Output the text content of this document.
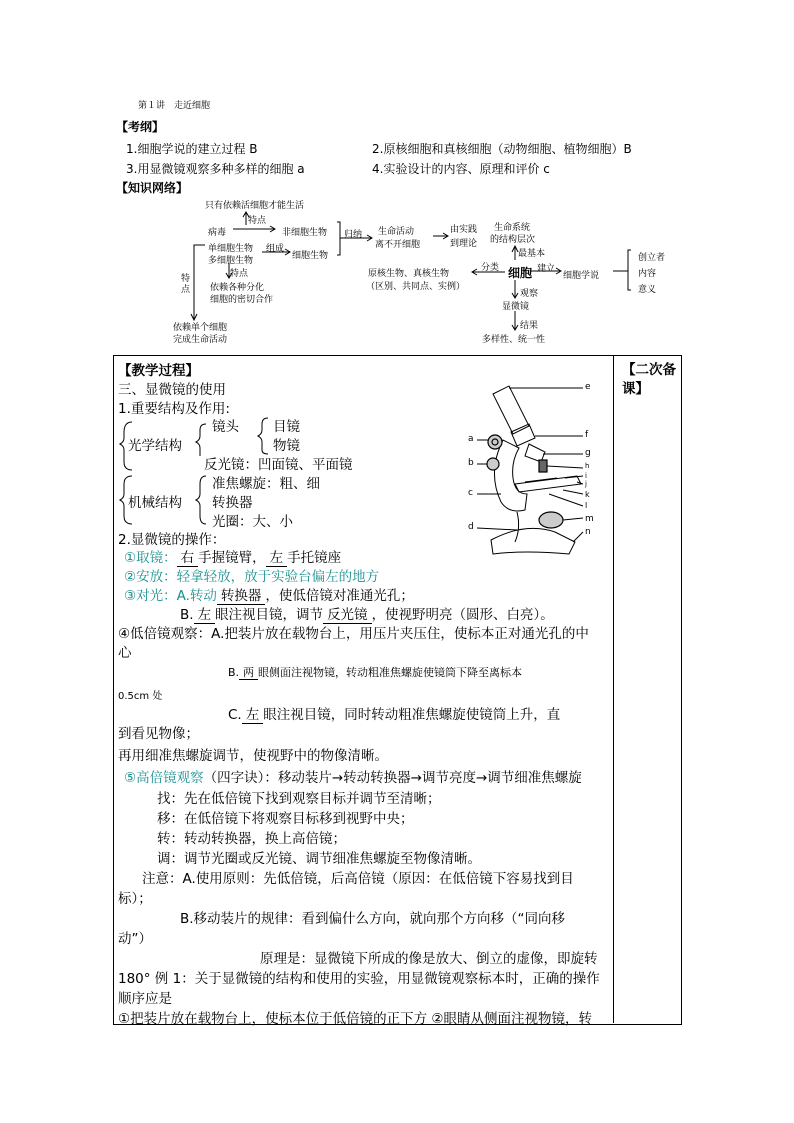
第１讲　走近细胞
【考纲】
1.细胞学说的建立过程 B	2.原核细胞和真核细胞（动物细胞、植物细胞）B
3.用显微镜观察多种多样的细胞 a	4.实验设计的内容、原理和评价 c
【知识网络】
只有依赖活细胞才能生活
特点
病毒	非细胞生物
单细胞生物
多细胞生物
组成
细胞生物
特点
依赖各种分化
细胞的密切合作
特点
依赖单个细胞
完成生命活动
归纳 生命活动
离不开细胞
由实践
到理论
生命系统
的结构层次
最基本
细胞 建立
细胞学说
创立者
内容
意义
原核生物、真核生物
（区别、共同点、实例）
分类
观察
显微镜
结果
多样性、统一性
【二次备课】
a
b
c
d
e
f
g
h
i
j
k
l
m
n
【教学过程】
三、显微镜的使用
1.重要结构及作用:
镜头	目镜
物镜
光学结构
反光镜：凹面镜、平面镜
准焦螺旋：粗、细
机械结构 转换器
光圈：大、小
2.显微镜的操作：
①取镜： 右 手握镜臂， 左 手托镜座
②安放：轻拿轻放，放于实验台偏左的地方
③对光：A.转动 转换器 ，使低倍镜对准通光孔；
B. 左 眼注视目镜，调节 反光镜 ，使视野明亮（圆形、白亮）。
④低倍镜观察：A.把装片放在载物台上，用压片夹压住，使标本正对通光孔的中
心
B. 两 眼侧面注视物镜，转动粗准焦螺旋使镜筒下降至离标本
0.5cm 处
C. 左 眼注视目镜，同时转动粗准焦螺旋使镜筒上升，直
到看见物像；
再用细准焦螺旋调节，使视野中的物像清晰。
⑤高倍镜观察（四字诀）：移动装片→转动转换器→调节亮度→调节细准焦螺旋
找：先在低倍镜下找到观察目标并调节至清晰；
移：在低倍镜下将观察目标移到视野中央；
转：转动转换器，换上高倍镜；
调：调节光圈或反光镜、调节细准焦螺旋至物像清晰。
注意：A.使用原则：先低倍镜，后高倍镜（原因：在低倍镜下容易找到目
标）；
B.移动装片的规律：看到偏什么方向，就向那个方向移（“同向移
动”）
原理是：显微镜下所成的像是放大、倒立的虚像，即旋转
180° 例 1：关于显微镜的结构和使用的实验，用显微镜观察标本时，正确的操作
顺序应是
①把装片放在载物台上，使标本位于低倍镜的正下方 ②眼睛从侧面注视物镜，转
